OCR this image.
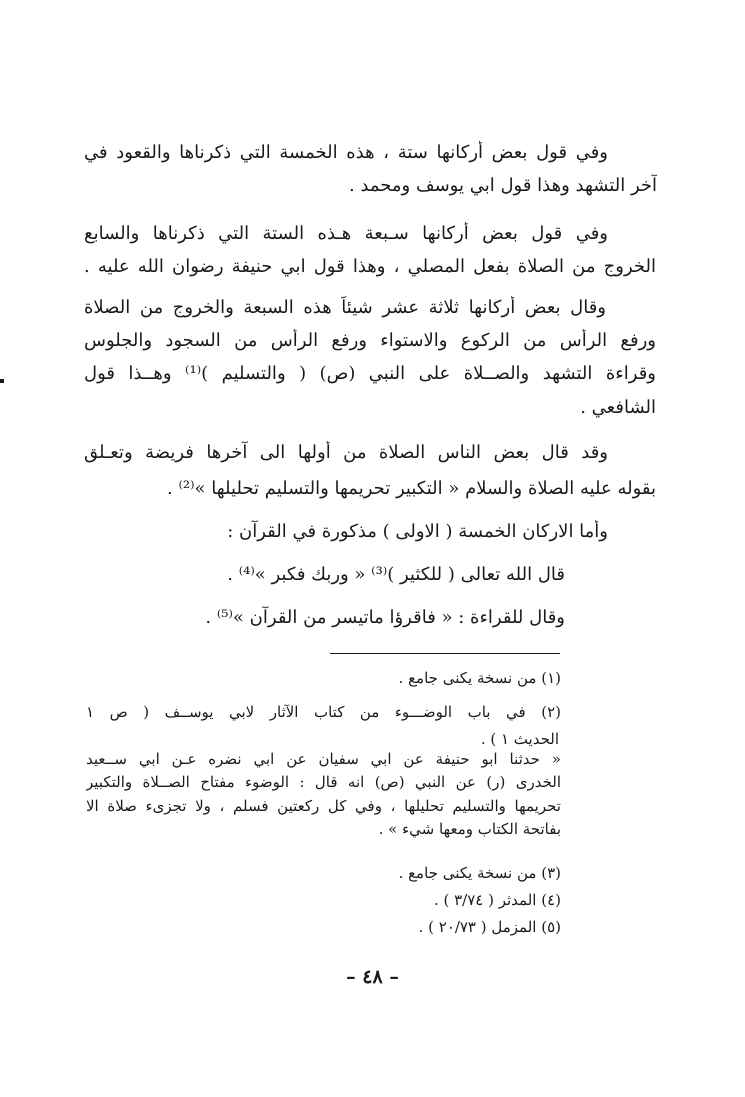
وفي قول بعض أركانها ستة ، هذه الخمسة التي ذكرناها والقعود في
آخر التشهد وهذا قول ابي يوسف ومحمد .
وفي قول بعض أركانها سـبعة هـذه الستة التي ذكرناها والسابع
الخروج من الصلاة بفعل المصلي ، وهذا قول ابي حنيفة رضوان الله عليه .
وقال بعض أركانها ثلاثة عشر شيئاً هذه السبعة والخروج من الصلاة
ورفع الرأس من الركوع والاستواء ورفع الرأس من السجود والجلوس
وقراءة التشهد والصــلاة على النبي (ص) ( والتسليم )⁽¹⁾ وهــذا قول
الشافعي .
وقد قال بعض الناس الصلاة من أولها الى آخرها فريضة وتعـلق
بقوله عليه الصلاة والسلام « التكبير تحريمها والتسليم تحليلها »⁽²⁾ .
وأما الاركان الخمسة ( الاولى ) مذكورة في القرآن :
قال الله تعالى ( للكثير )⁽³⁾ « وربك فكبر »⁽⁴⁾ .
وقال للقراءة : « فاقرؤا ماتيسر من القرآن »⁽⁵⁾ .
(١) من نسخة يكنى جامع .
(٢) في باب الوضـــوء من كتاب الآثار لابي يوســف ( ص ١
الحديث ١ ) .
« حدثنا ابو حنيفة عن ابي سفيان عن ابي نضره عـن ابي ســعيد
الخدرى (ر) عن النبي (ص) انه قال : الوضوء مفتاح الصــلاة والتكبير
تحريمها والتسليم تحليلها ، وفي كل ركعتين فسلم ، ولا تجزىء صلاة الا
بفاتحة الكتاب ومعها شيء » .
(٣) من نسخة يكنى جامع .
(٤) المدثر ( ٣/٧٤ ) .
(٥) المزمل ( ٢٠/٧٣ ) .
– ٤٨ –
